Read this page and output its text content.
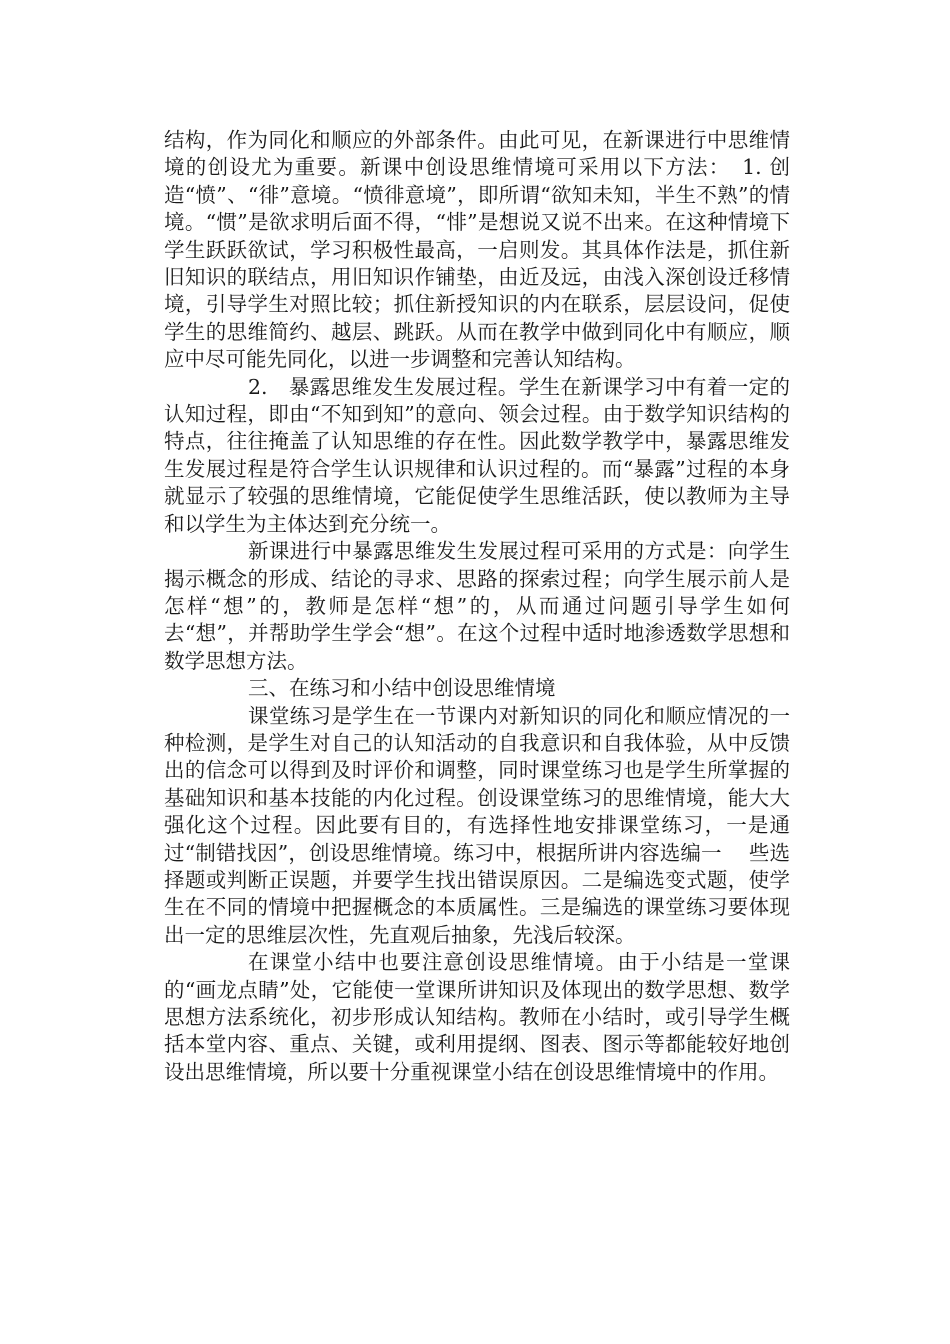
结构，作为同化和顺应的外部条件。由此可见，在新课进行中思维情境的创设尤为重要。新课中创设思维情境可采用以下方法：　1. 创造“愤”、“徘”意境。“愤徘意境”，即所谓“欲知未知，半生不熟”的情境。“惯”是欲求明后面不得，“悱”是想说又说不出来。在这种情境下学生跃跃欲试，学习积极性最高，一启则发。其具体作法是，抓住新旧知识的联结点，用旧知识作铺垫，由近及远，由浅入深创设迁移情境，引导学生对照比较；抓住新授知识的内在联系，层层设问，促使学生的思维简约、越层、跳跃。从而在教学中做到同化中有顺应，顺应中尽可能先同化，以进一步调整和完善认知结构。

2.　暴露思维发生发展过程。学生在新课学习中有着一定的认知过程，即由“不知到知”的意向、领会过程。由于数学知识结构的特点，往往掩盖了认知思维的存在性。因此数学教学中，暴露思维发生发展过程是符合学生认识规律和认识过程的。而“暴露”过程的本身就显示了较强的思维情境，它能促使学生思维活跃，使以教师为主导和以学生为主体达到充分统一。

新课进行中暴露思维发生发展过程可采用的方式是：向学生揭示概念的形成、结论的寻求、思路的探索过程；向学生展示前人是怎样“想”的，教师是怎样“想”的，从而通过问题引导学生如何去“想”，并帮助学生学会“想”。在这个过程中适时地渗透数学思想和数学思想方法。

三、在练习和小结中创设思维情境

课堂练习是学生在一节课内对新知识的同化和顺应情况的一种检测，是学生对自己的认知活动的自我意识和自我体验，从中反馈出的信念可以得到及时评价和调整，同时课堂练习也是学生所掌握的基础知识和基本技能的内化过程。创设课堂练习的思维情境，能大大强化这个过程。因此要有目的，有选择性地安排课堂练习，一是通过“制错找因”，创设思维情境。练习中，根据所讲内容选编一　 些选择题或判断正误题，并要学生找出错误原因。二是编选变式题，使学生在不同的情境中把握概念的本质属性。三是编选的课堂练习要体现出一定的思维层次性，先直观后抽象，先浅后较深。

在课堂小结中也要注意创设思维情境。由于小结是一堂课的“画龙点睛”处，它能使一堂课所讲知识及体现出的数学思想、数学思想方法系统化，初步形成认知结构。教师在小结时，或引导学生概括本堂内容、重点、关键，或利用提纲、图表、图示等都能较好地创设出思维情境，所以要十分重视课堂小结在创设思维情境中的作用。
